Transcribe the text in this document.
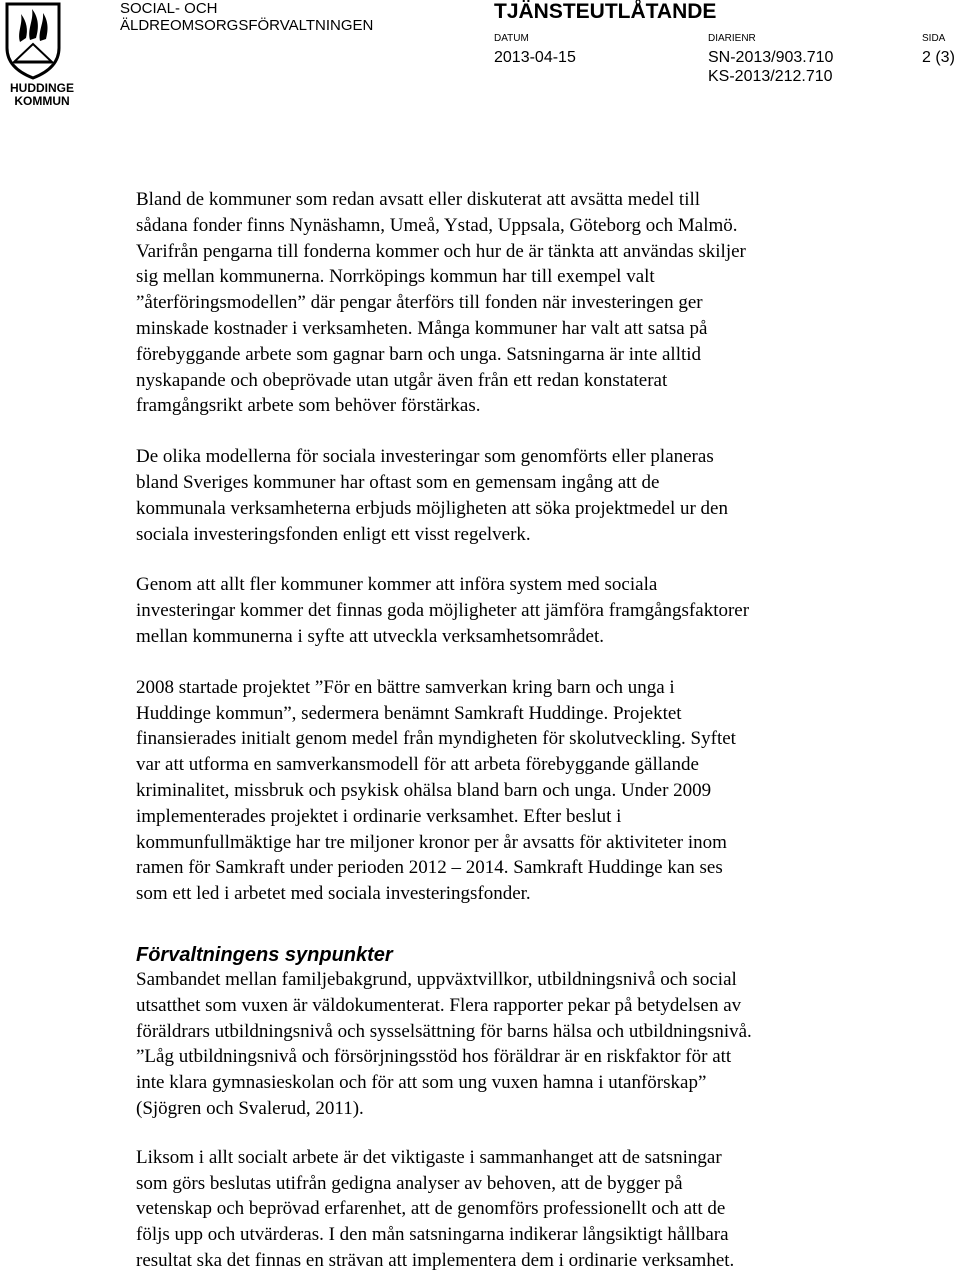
HUDDINGE
KOMMUN
SOCIAL- OCH
ÄLDREOMSORGSFÖRVALTNINGEN
TJÄNSTEUTLÅTANDE
DATUM
2013-04-15
DIARIENR
SN-2013/903.710
KS-2013/212.710
SIDA
2 (3)

Bland de kommuner som redan avsatt eller diskuterat att avsätta medel till
sådana fonder finns Nynäshamn, Umeå, Ystad, Uppsala, Göteborg och Malmö.
Varifrån pengarna till fonderna kommer och hur de är tänkta att användas skiljer
sig mellan kommunerna. Norrköpings kommun har till exempel valt
”återföringsmodellen” där pengar återförs till fonden när investeringen ger
minskade kostnader i verksamheten. Många kommuner har valt att satsa på
förebyggande arbete som gagnar barn och unga. Satsningarna är inte alltid
nyskapande och obeprövade utan utgår även från ett redan konstaterat
framgångsrikt arbete som behöver förstärkas.

De olika modellerna för sociala investeringar som genomförts eller planeras
bland Sveriges kommuner har oftast som en gemensam ingång att de
kommunala verksamheterna erbjuds möjligheten att söka projektmedel ur den
sociala investeringsfonden enligt ett visst regelverk.

Genom att allt fler kommuner kommer att införa system med sociala
investeringar kommer det finnas goda möjligheter att jämföra framgångsfaktorer
mellan kommunerna i syfte att utveckla verksamhetsområdet.

2008 startade projektet ”För en bättre samverkan kring barn och unga i
Huddinge kommun”, sedermera benämnt Samkraft Huddinge. Projektet
finansierades initialt genom medel från myndigheten för skolutveckling. Syftet
var att utforma en samverkansmodell för att arbeta förebyggande gällande
kriminalitet, missbruk och psykisk ohälsa bland barn och unga. Under 2009
implementerades projektet i ordinarie verksamhet. Efter beslut i
kommunfullmäktige har tre miljoner kronor per år avsatts för aktiviteter inom
ramen för Samkraft under perioden 2012 – 2014. Samkraft Huddinge kan ses
som ett led i arbetet med sociala investeringsfonder.

Förvaltningens synpunkter

Sambandet mellan familjebakgrund, uppväxtvillkor, utbildningsnivå och social
utsatthet som vuxen är väldokumenterat. Flera rapporter pekar på betydelsen av
föräldrars utbildningsnivå och sysselsättning för barns hälsa och utbildningsnivå.
”Låg utbildningsnivå och försörjningsstöd hos föräldrar är en riskfaktor för att
inte klara gymnasieskolan och för att som ung vuxen hamna i utanförskap”
(Sjögren och Svalerud, 2011).

Liksom i allt socialt arbete är det viktigaste i sammanhanget att de satsningar
som görs beslutas utifrån gedigna analyser av behoven, att de bygger på
vetenskap och beprövad erfarenhet, att de genomförs professionellt och att de
följs upp och utvärderas. I den mån satsningarna indikerar långsiktigt hållbara
resultat ska det finnas en strävan att implementera dem i ordinarie verksamhet.
